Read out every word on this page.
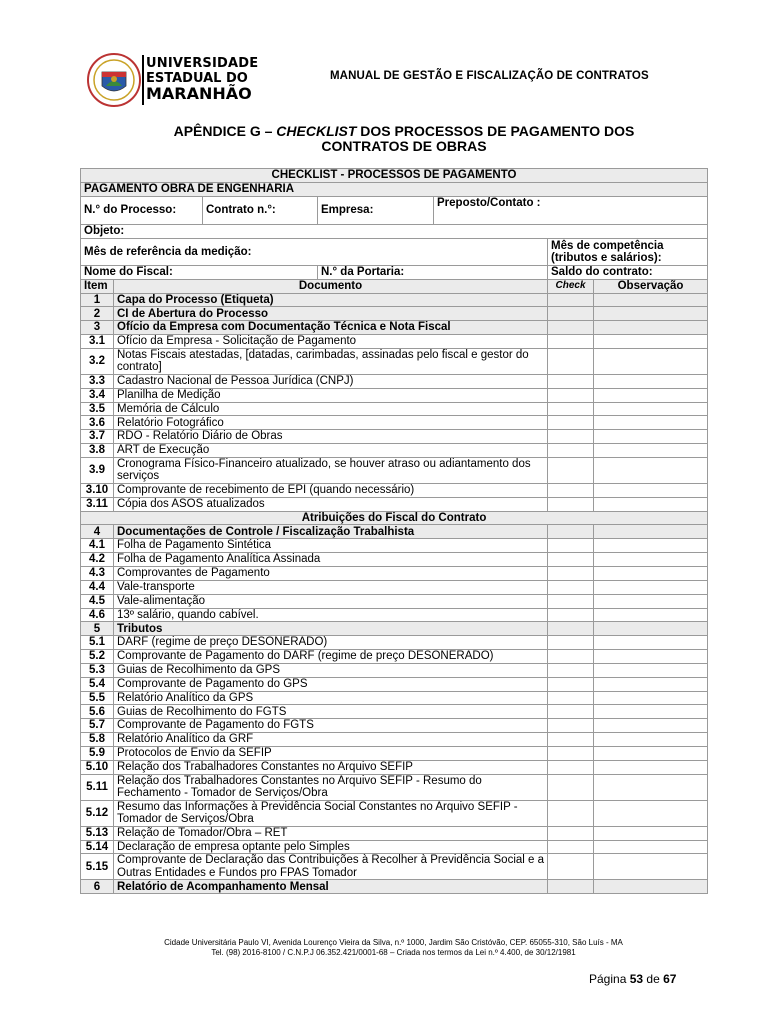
UNIVERSIDADE
ESTADUAL DO
MARANHÃO
MANUAL DE GESTÃO E FISCALIZAÇÃO DE CONTRATOS
APÊNDICE G – CHECKLIST DOS PROCESSOS DE PAGAMENTO DOS
CONTRATOS DE OBRAS
CHECKLIST - PROCESSOS DE PAGAMENTO						
PAGAMENTO OBRA DE ENGENHARIA						
N.° do Processo:		Contrato n.°:	Empresa:	Preposto/Contato :		
Objeto:						
Mês de referência da medição:					Mês de competência (tributos e salários):	
Nome do Fiscal:			N.° da Portaria:		Saldo do contrato:	
Item	Documento				Check	Observação
1	Capa do Processo (Etiqueta)					
2	CI de Abertura do Processo					
3	Ofício da Empresa com Documentação Técnica e Nota Fiscal					
3.1	Ofício da Empresa - Solicitação de Pagamento					
3.2	Notas Fiscais atestadas, [datadas, carimbadas, assinadas pelo fiscal e gestor do contrato]					
3.3	Cadastro Nacional de Pessoa Jurídica (CNPJ)					
3.4	Planilha de Medição					
3.5	Memória de Cálculo					
3.6	Relatório Fotográfico					
3.7	RDO - Relatório Diário de Obras					
3.8	ART de Execução					
3.9	Cronograma Físico-Financeiro atualizado, se houver atraso ou adiantamento dos serviços					
3.10	Comprovante de recebimento de EPI (quando necessário)					
3.11	Cópia dos ASOS atualizados					
Atribuições do Fiscal do Contrato						
4	Documentações de Controle / Fiscalização Trabalhista					
4.1	Folha de Pagamento Sintética					
4.2	Folha de Pagamento Analítica Assinada					
4.3	Comprovantes de Pagamento					
4.4	Vale-transporte					
4.5	Vale-alimentação					
4.6	13º salário, quando cabível.					
5	Tributos					
5.1	DARF (regime de preço DESONERADO)					
5.2	Comprovante de Pagamento do DARF (regime de preço DESONERADO)					
5.3	Guias de Recolhimento da GPS					
5.4	Comprovante de Pagamento do GPS					
5.5	Relatório Analítico da GPS					
5.6	Guias de Recolhimento do FGTS					
5.7	Comprovante de Pagamento do FGTS					
5.8	Relatório Analítico da GRF					
5.9	Protocolos de Envio da SEFIP					
5.10	Relação dos Trabalhadores Constantes no Arquivo SEFIP					
5.11	Relação dos Trabalhadores Constantes no Arquivo SEFIP - Resumo do Fechamento - Tomador de Serviços/Obra					
5.12	Resumo das Informações à Previdência Social Constantes no Arquivo SEFIP - Tomador de Serviços/Obra					
5.13	Relação de Tomador/Obra – RET					
5.14	Declaração de empresa optante pelo Simples					
5.15	Comprovante de Declaração das Contribuições à Recolher à Previdência Social e a Outras Entidades e Fundos pro FPAS Tomador					
6	Relatório de Acompanhamento Mensal					
Cidade Universitária Paulo VI, Avenida Lourenço Vieira da Silva, n.º 1000, Jardim São Cristóvão, CEP. 65055-310, São Luís - MA
Tel. (98) 2016-8100 / C.N.P.J 06.352.421/0001-68 – Criada nos termos da Lei n.º 4.400, de 30/12/1981
Página 53 de 67
